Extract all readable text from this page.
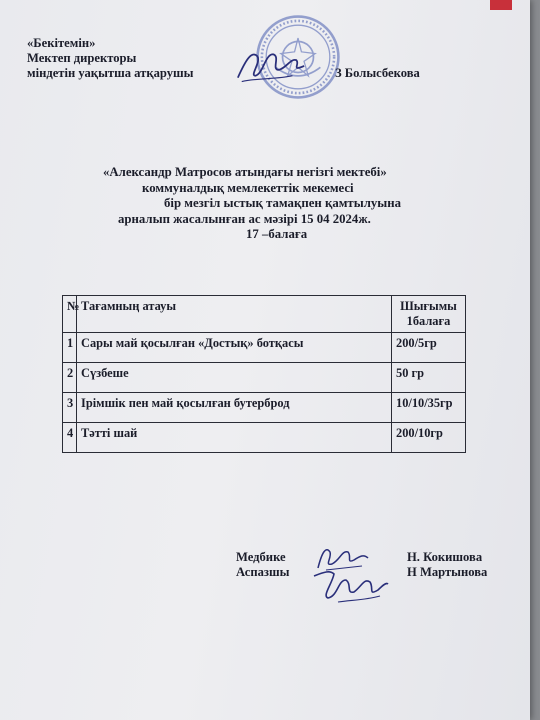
«Бекітемін»
Мектеп директоры
міндетін уақытша атқарушы	З Болысбекова
«Александр Матросов атындағы негізгі мектебі»
коммуналдық мемлекеттік мекемесі
бір мезгіл ыстық тамақпен қамтылуына
арналып жасалынған ас мәзірі 15 04 2024ж.
17 –балаға
№	Тағамның атауы	Шығымы
1балаға

1	Сары май қосылған «Достық» ботқасы	200/5гр
2	Сүзбеше	50 гр
3	Ірімшік пен май қосылған бутерброд	10/10/35гр
4	Тәтті шай	200/10гр
Медбике
Аспазшы
Н. Кокишова
Н Мартынова
